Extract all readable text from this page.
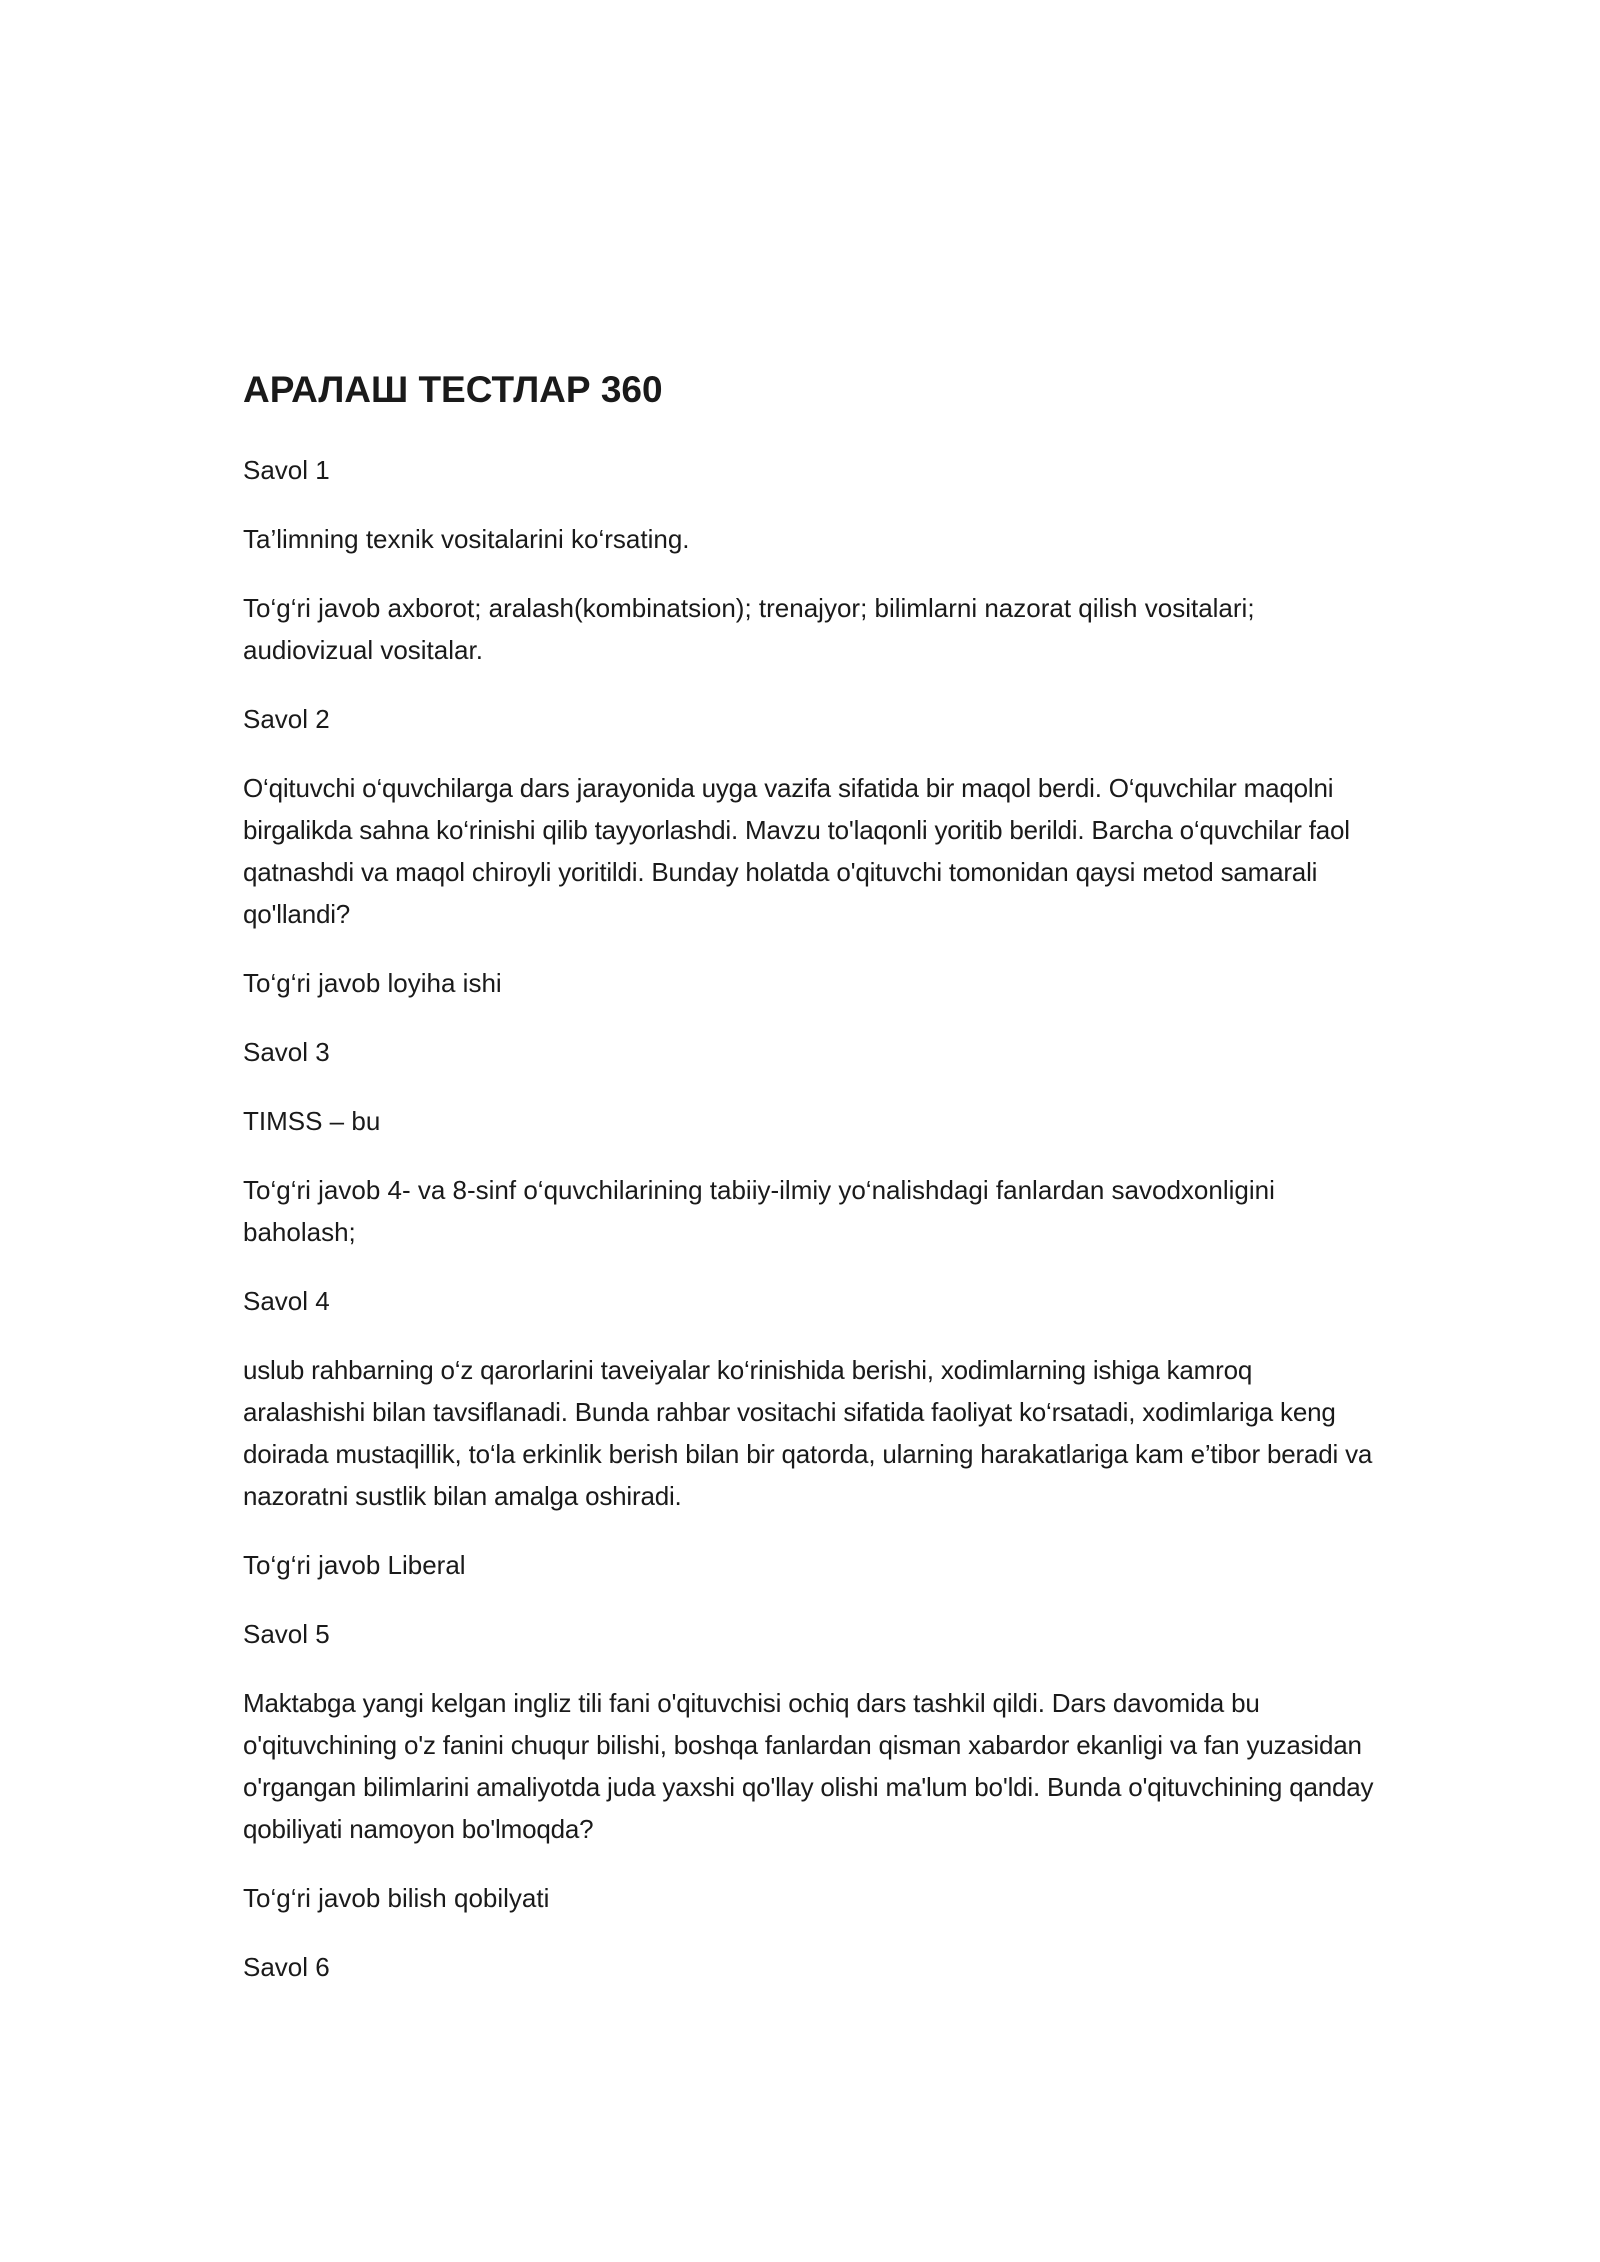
АРАЛАШ ТЕСТЛАР 360

Savol 1

Ta’limning texnik vositalarini ko‘rsating.

To‘g‘ri javob axborot; aralash(kombinatsion); trenajyor; bilimlarni nazorat qilish vositalari; audiovizual vositalar.

Savol 2

O‘qituvchi o‘quvchilarga dars jarayonida uyga vazifa sifatida bir maqol berdi. O‘quvchilar maqolni birgalikda sahna ko‘rinishi qilib tayyorlashdi. Mavzu to'laqonli yoritib berildi. Barcha o‘quvchilar faol qatnashdi va maqol chiroyli yoritildi. Bunday holatda o'qituvchi tomonidan qaysi metod samarali qo'llandi?

To‘g‘ri javob loyiha ishi

Savol 3

TIMSS – bu

To‘g‘ri javob 4- va 8-sinf o‘quvchilarining tabiiy-ilmiy yo‘nalishdagi fanlardan savodxonligini baholash;

Savol 4

uslub rahbarning o‘z qarorlarini taveiyalar ko‘rinishida berishi, xodimlarning ishiga kamroq aralashishi bilan tavsiflanadi. Bunda rahbar vositachi sifatida faoliyat ko‘rsatadi, xodimlariga keng doirada mustaqillik, to‘la erkinlik berish bilan bir qatorda, ularning harakatlariga kam e’tibor beradi va nazoratni sustlik bilan amalga oshiradi.

To‘g‘ri javob Liberal

Savol 5

Maktabga yangi kelgan ingliz tili fani o'qituvchisi ochiq dars tashkil qildi. Dars davomida bu o'qituvchining o'z fanini chuqur bilishi, boshqa fanlardan qisman xabardor ekanligi va fan yuzasidan o'rgangan bilimlarini amaliyotda juda yaxshi qo'llay olishi ma'lum bo'ldi. Bunda o'qituvchining qanday qobiliyati namoyon bo'lmoqda?

To‘g‘ri javob bilish qobilyati

Savol 6
